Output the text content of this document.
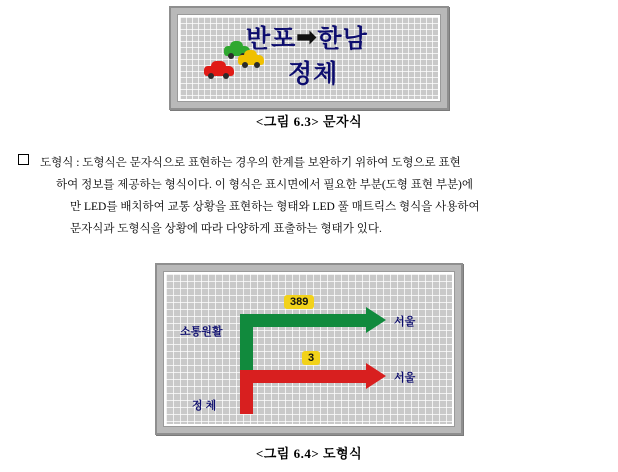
반포➡한남
정체
<그림 6.3> 문자식
도형식 : 도형식은 문자식으로 표현하는 경우의 한계를 보완하기 위하여 도형으로 표현
하여 정보를 제공하는 형식이다. 이 형식은 표시면에서 필요한 부분(도형 표현 부분)에
만 LED를 배치하여 교통 상황을 표현하는 형태와 LED 풀 매트릭스 형식을 사용하여
문자식과 도형식을 상황에 따라 다양하게 표출하는 형태가 있다.
389
3
소통원활
정 체
서울
서울
<그림 6.4> 도형식
